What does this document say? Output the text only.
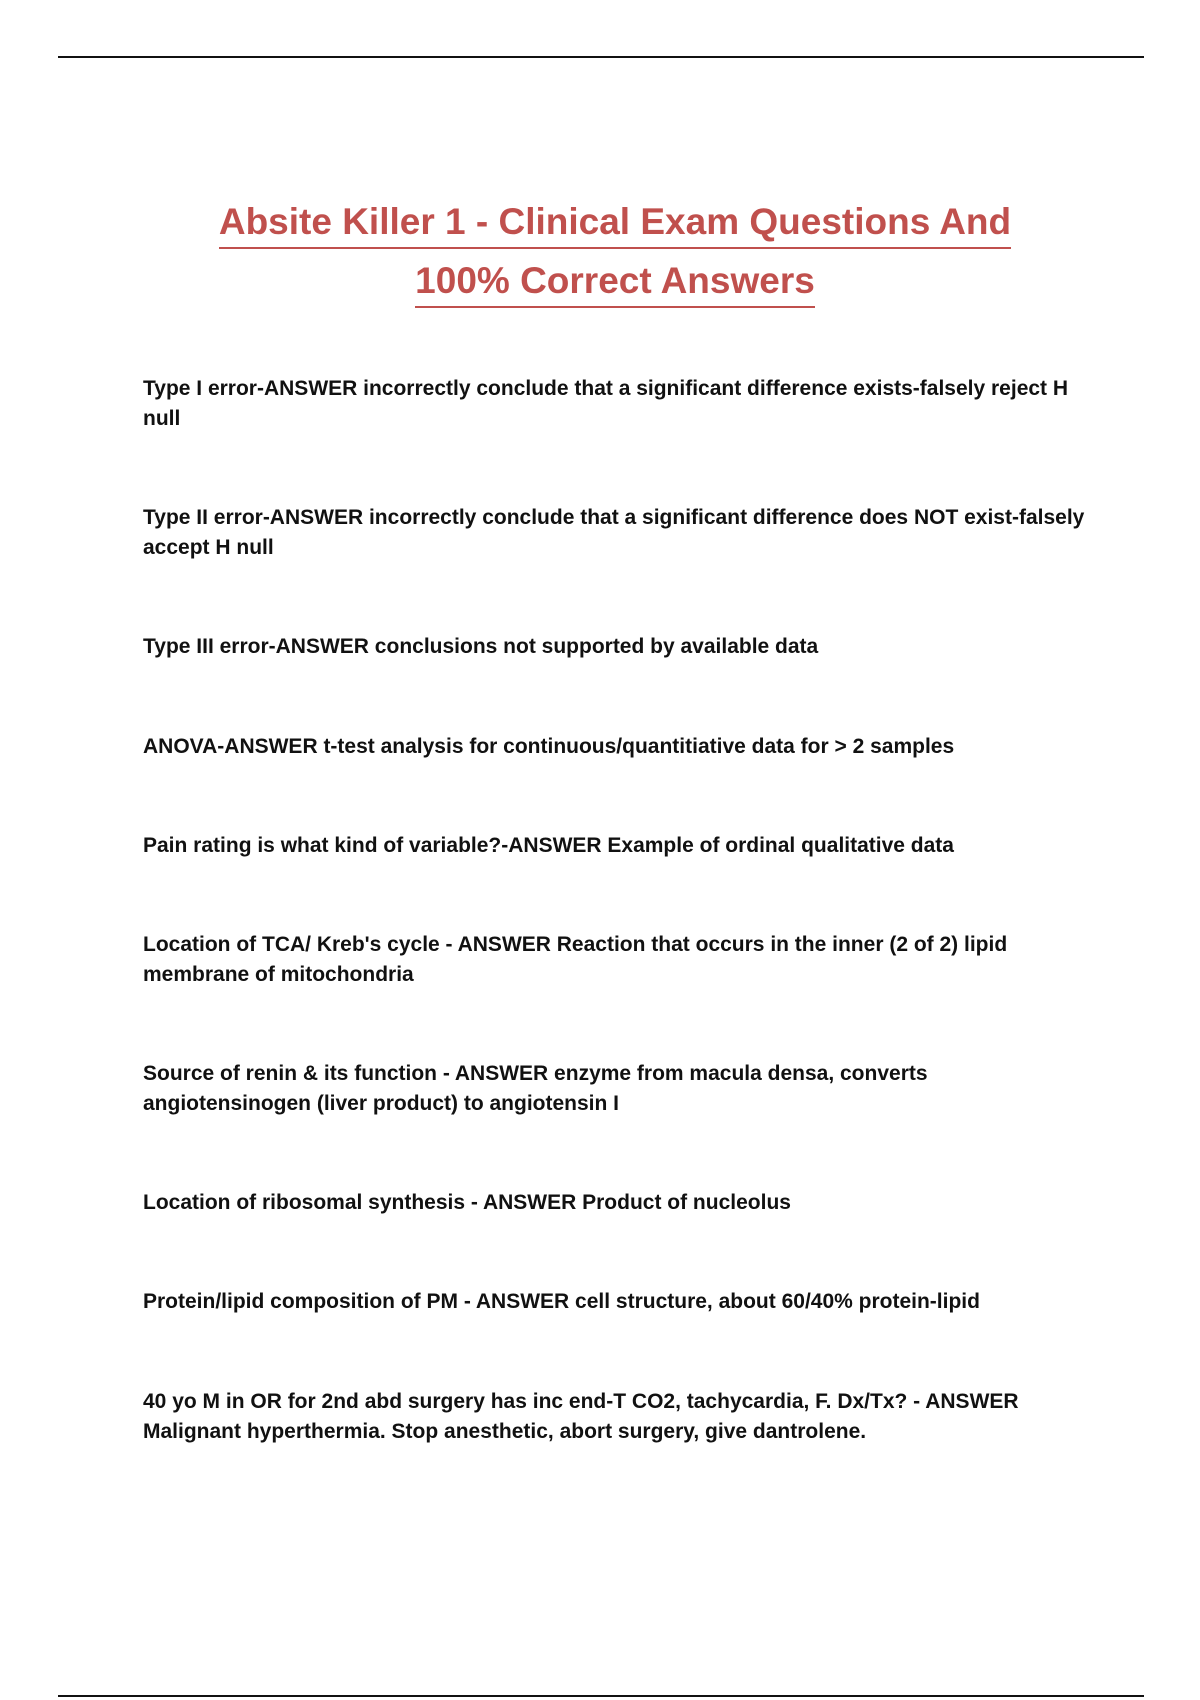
Absite Killer 1 - Clinical Exam Questions And
100% Correct Answers

Type I error-ANSWER incorrectly conclude that a significant difference exists-falsely reject H null

Type II error-ANSWER incorrectly conclude that a significant difference does NOT exist-falsely accept H null

Type III error-ANSWER conclusions not supported by available data

ANOVA-ANSWER t-test analysis for continuous/quantitiative data for > 2 samples

Pain rating is what kind of variable?-ANSWER Example of ordinal qualitative data

Location of TCA/ Kreb's cycle - ANSWER Reaction that occurs in the inner (2 of 2) lipid membrane of mitochondria

Source of renin & its function - ANSWER enzyme from macula densa, converts angiotensinogen (liver product) to angiotensin I

Location of ribosomal synthesis - ANSWER Product of nucleolus

Protein/lipid composition of PM - ANSWER cell structure, about 60/40% protein-lipid

40 yo M in OR for 2nd abd surgery has inc end-T CO2, tachycardia, F. Dx/Tx? - ANSWER Malignant hyperthermia. Stop anesthetic, abort surgery, give dantrolene.
